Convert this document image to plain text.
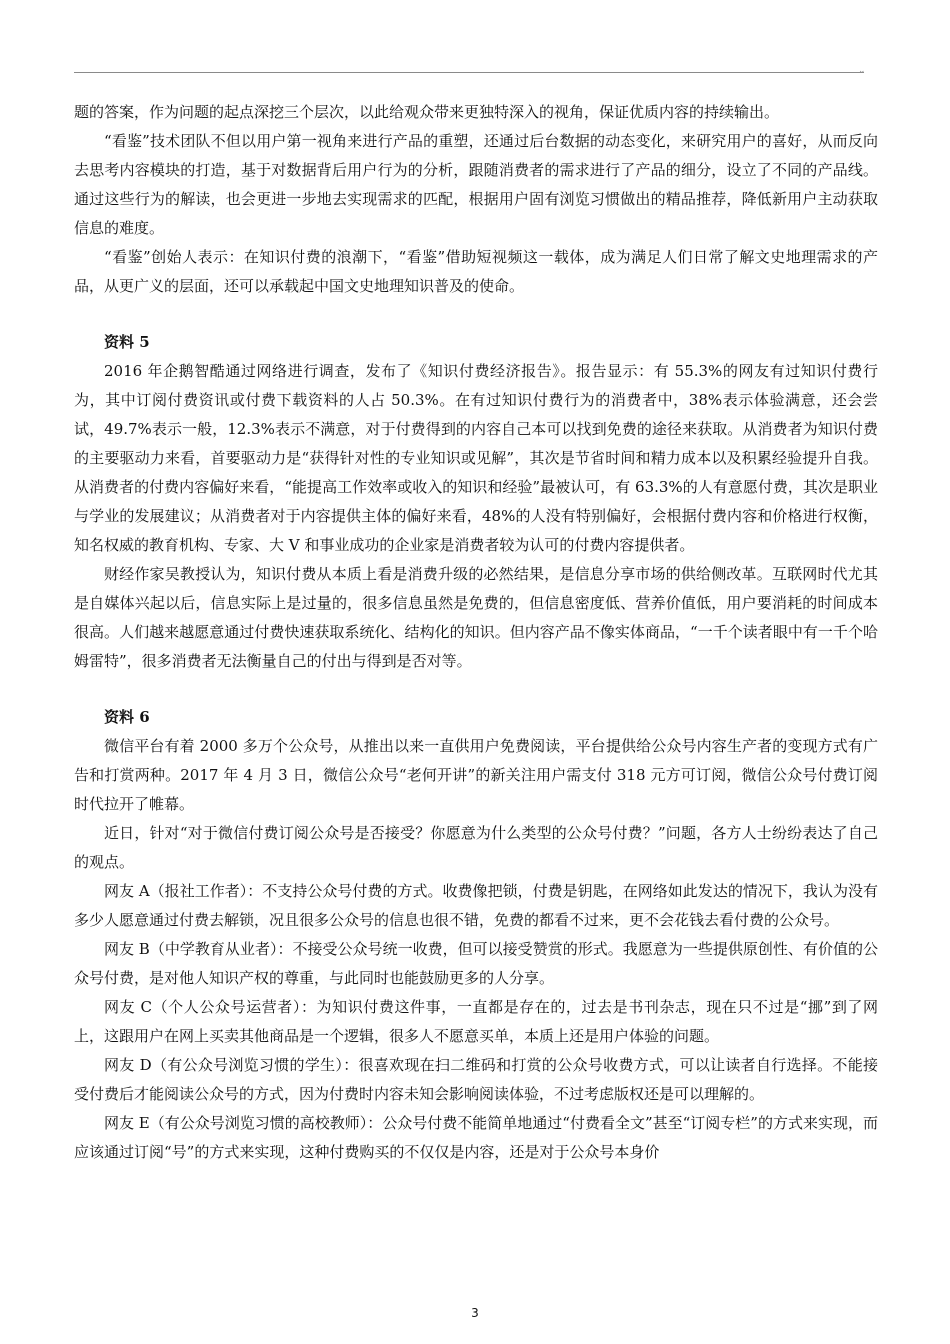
⌄

题的答案，作为问题的起点深挖三个层次，以此给观众带来更独特深入的视角，保证优质内容的持续输出。

“看鉴”技术团队不但以用户第一视角来进行产品的重塑，还通过后台数据的动态变化，来研究用户的喜好，从而反向去思考内容模块的打造，基于对数据背后用户行为的分析，跟随消费者的需求进行了产品的细分，设立了不同的产品线。通过这些行为的解读，也会更进一步地去实现需求的匹配，根据用户固有浏览习惯做出的精品推荐，降低新用户主动获取信息的难度。

“看鉴”创始人表示：在知识付费的浪潮下，“看鉴”借助短视频这一载体，成为满足人们日常了解文史地理需求的产品，从更广义的层面，还可以承载起中国文史地理知识普及的使命。

资料 5

2016 年企鹅智酷通过网络进行调查，发布了《知识付费经济报告》。报告显示：有 55.3%的网友有过知识付费行为，其中订阅付费资讯或付费下载资料的人占 50.3%。在有过知识付费行为的消费者中，38%表示体验满意，还会尝试，49.7%表示一般，12.3%表示不满意，对于付费得到的内容自己本可以找到免费的途径来获取。从消费者为知识付费的主要驱动力来看，首要驱动力是“获得针对性的专业知识或见解”，其次是节省时间和精力成本以及积累经验提升自我。从消费者的付费内容偏好来看，“能提高工作效率或收入的知识和经验”最被认可，有 63.3%的人有意愿付费，其次是职业与学业的发展建议；从消费者对于内容提供主体的偏好来看，48%的人没有特别偏好，会根据付费内容和价格进行权衡，知名权威的教育机构、专家、大 V 和事业成功的企业家是消费者较为认可的付费内容提供者。

财经作家吴教授认为，知识付费从本质上看是消费升级的必然结果，是信息分享市场的供给侧改革。互联网时代尤其是自媒体兴起以后，信息实际上是过量的，很多信息虽然是免费的，但信息密度低、营养价值低，用户要消耗的时间成本很高。人们越来越愿意通过付费快速获取系统化、结构化的知识。但内容产品不像实体商品，“一千个读者眼中有一千个哈姆雷特”，很多消费者无法衡量自己的付出与得到是否对等。

资料 6

微信平台有着 2000 多万个公众号，从推出以来一直供用户免费阅读，平台提供给公众号内容生产者的变现方式有广告和打赏两种。2017 年 4 月 3 日，微信公众号“老何开讲”的新关注用户需支付 318 元方可订阅，微信公众号付费订阅时代拉开了帷幕。

近日，针对“对于微信付费订阅公众号是否接受？你愿意为什么类型的公众号付费？”问题，各方人士纷纷表达了自己的观点。

网友 A（报社工作者）：不支持公众号付费的方式。收费像把锁，付费是钥匙，在网络如此发达的情况下，我认为没有多少人愿意通过付费去解锁，况且很多公众号的信息也很不错，免费的都看不过来，更不会花钱去看付费的公众号。

网友 B（中学教育从业者）：不接受公众号统一收费，但可以接受赞赏的形式。我愿意为一些提供原创性、有价值的公众号付费，是对他人知识产权的尊重，与此同时也能鼓励更多的人分享。

网友 C（个人公众号运营者）：为知识付费这件事，一直都是存在的，过去是书刊杂志，现在只不过是“挪”到了网上，这跟用户在网上买卖其他商品是一个逻辑，很多人不愿意买单，本质上还是用户体验的问题。

网友 D（有公众号浏览习惯的学生）：很喜欢现在扫二维码和打赏的公众号收费方式，可以让读者自行选择。不能接受付费后才能阅读公众号的方式，因为付费时内容未知会影响阅读体验，不过考虑版权还是可以理解的。

网友 E（有公众号浏览习惯的高校教师）：公众号付费不能简单地通过“付费看全文”甚至“订阅专栏”的方式来实现，而应该通过订阅“号”的方式来实现，这种付费购买的不仅仅是内容，还是对于公众号本身价

3
